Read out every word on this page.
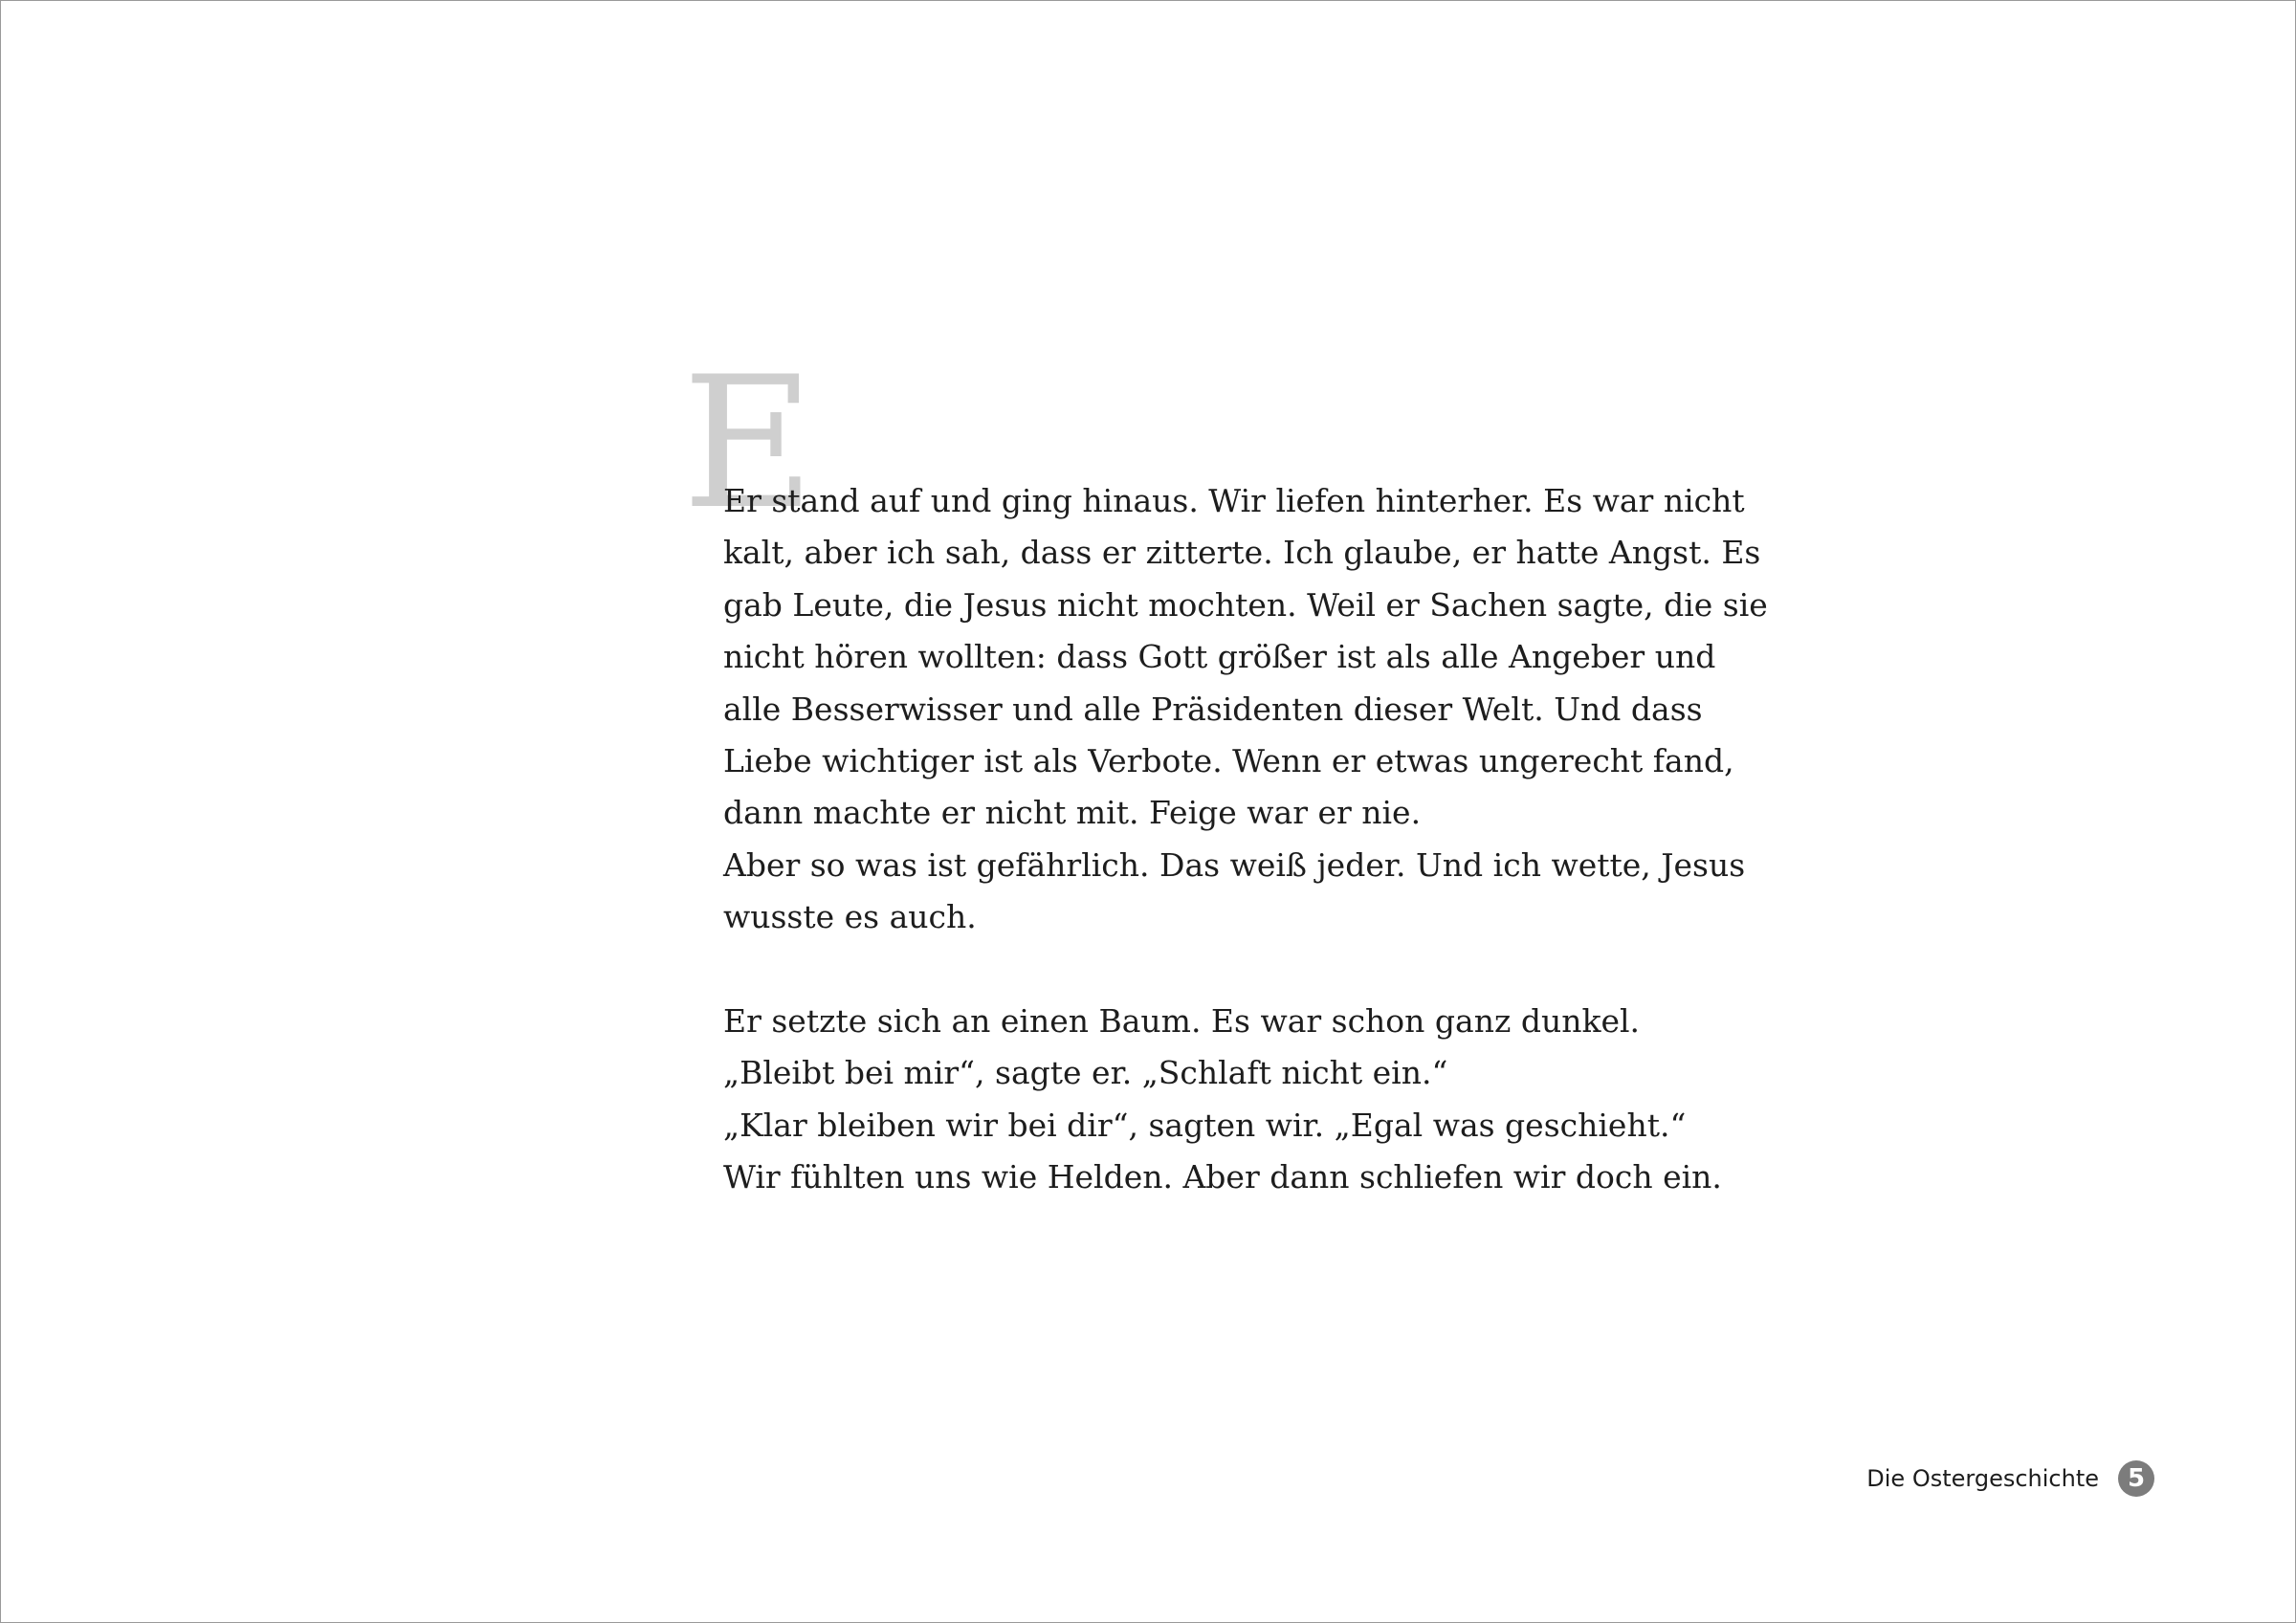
E
Er stand auf und ging hinaus. Wir liefen hinterher. Es war nicht
kalt, aber ich sah, dass er zitterte. Ich glaube, er hatte Angst. Es
gab Leute, die Jesus nicht mochten. Weil er Sachen sagte, die sie
nicht hören wollten: dass Gott größer ist als alle Angeber und
alle Besserwisser und alle Präsidenten dieser Welt. Und dass
Liebe wichtiger ist als Verbote. Wenn er etwas ungerecht fand,
dann machte er nicht mit. Feige war er nie.
Aber so was ist gefährlich. Das weiß jeder. Und ich wette, Jesus
wusste es auch.
Er setzte sich an einen Baum. Es war schon ganz dunkel.
„Bleibt bei mir“, sagte er. „Schlaft nicht ein.“
„Klar bleiben wir bei dir“, sagten wir. „Egal was geschieht.“
Wir fühlten uns wie Helden. Aber dann schliefen wir doch ein.
Die Ostergeschichte	5
